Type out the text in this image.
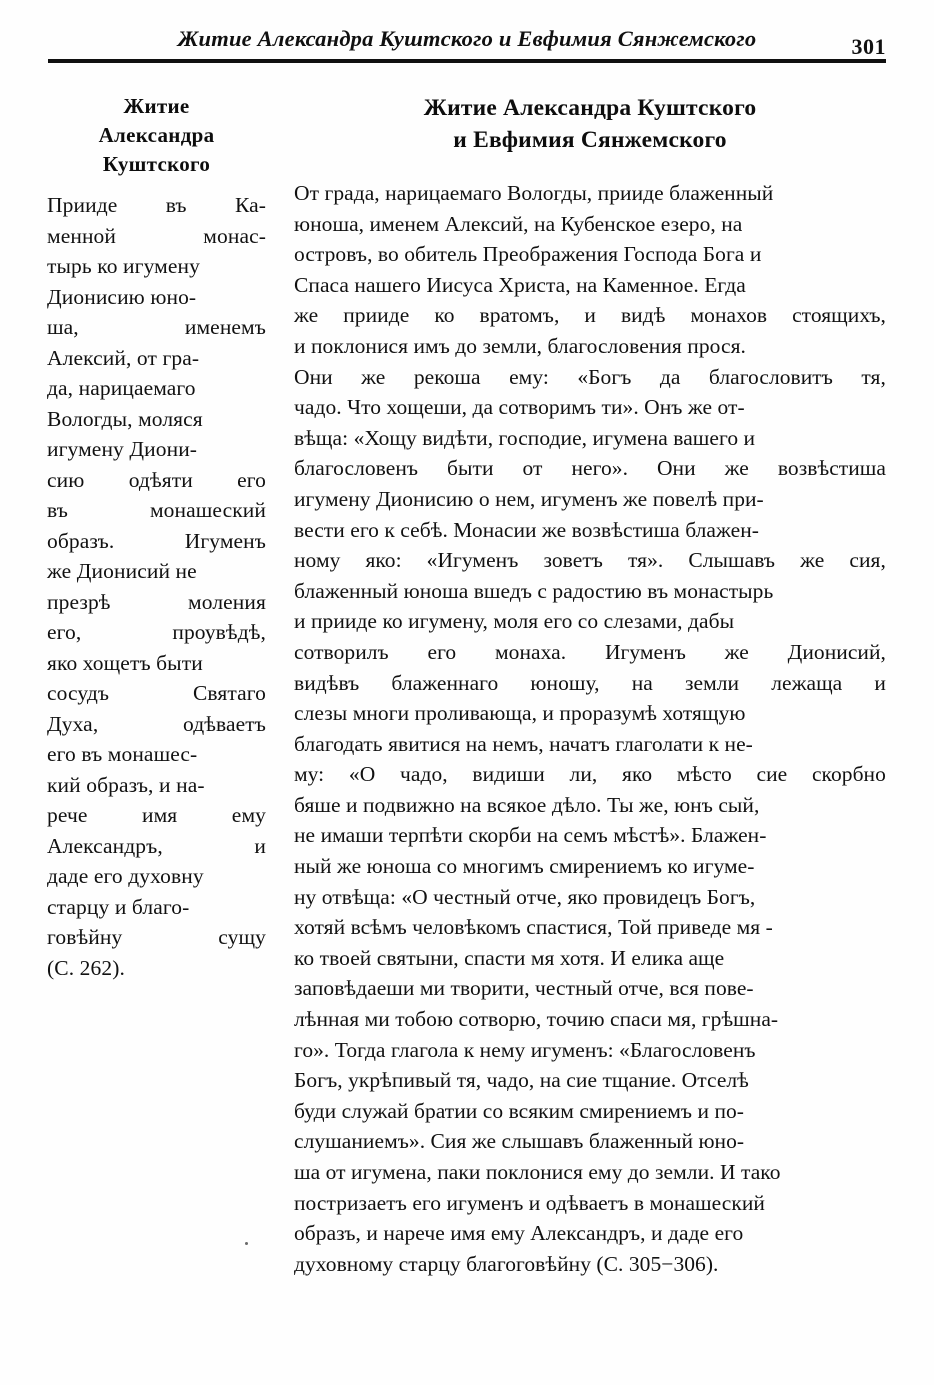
Житие Александра Куштского и Евфимия Сянжемского	301
Житие
Александра
Куштского
Прииде въ Ка-
менной	монас-
тырь ко игумену
Дионисию юно-
ша,	именемъ
Алексий, от гра-
да, нарицаемаго
Вологды, моляся
игумену Диони-
сию одѣяти его
въ	монашеский
образъ.	Игуменъ
же Дионисий не
презрѣ	моления
его,	проувѣдѣ,
яко хощетъ быти
сосудъ	Святаго
Духа,	одѣваетъ
его въ монашес-
кий образъ, и на-
рече	имя	ему
Александръ,	и
даде его духовну
старцу и благо-
говѣйну	сущу
(С. 262).
Житие Александра Куштского
и Евфимия Сянжемского
От града, нарицаемаго Вологды, прииде блаженный
юноша, именем Алексий, на Кубенское езеро, на
островъ, во обитель Преображения Господа Бога и
Спаса нашего Иисуса Христа, на Каменное. Егда
же прииде ко вратомъ, и видѣ монахов стоящихъ,
и поклонися имъ до земли, благословения прося.
Они же рекоша ему: «Богъ да благословитъ тя,
чадо. Что хощеши, да сотворимъ ти». Онъ же от-
вѣща: «Хощу видѣти, господие, игумена вашего и
благословенъ быти от него». Они же возвѣстиша
игумену Дионисию о нем, игуменъ же повелѣ при-
вести его к себѣ. Монасии же возвѣстиша блажен-
ному яко: «Игуменъ зоветъ тя». Слышавъ же сия,
блаженный юноша вшедъ с радостию въ монастырь
и прииде ко игумену, моля его со слезами, дабы
сотворилъ его монаха. Игуменъ же Дионисий,
видѣвъ блаженнаго юношу, на земли лежаща и
слезы многи проливающа, и проразумѣ хотящую
благодать явитися на немъ, начатъ глаголати к не-
му: «О чадо, видиши ли, яко мѣсто сие скорбно
бяше и подвижно на всякое дѣло. Ты же, юнъ сый,
не имаши терпѣти скорби на семъ мѣстѣ». Блажен-
ный же юноша со многимъ смирениемъ ко игуме-
ну отвѣща: «О честный отче, яко провидецъ Богъ,
хотяй всѣмъ человѣкомъ спастися, Той приведе мя -
ко твоей святыни, спасти мя хотя. И елика аще
заповѣдаеши ми творити, честный отче, вся пове-
лѣнная ми тобою сотворю, точию спаси мя, грѣшна-
го». Тогда глагола к нему игуменъ: «Благословенъ
Богъ, укрѣпивый тя, чадо, на сие тщание. Отселѣ
буди служай братии со всяким смирениемъ и по-
слушаниемъ». Сия же слышавъ блаженный юно-
ша от игумена, паки поклонися ему до земли. И тако
постризаетъ его игуменъ и одѣваетъ в монашеский
образъ, и нарече имя ему Александръ, и даде его
духовному старцу благоговѣйну (С. 305−306).
